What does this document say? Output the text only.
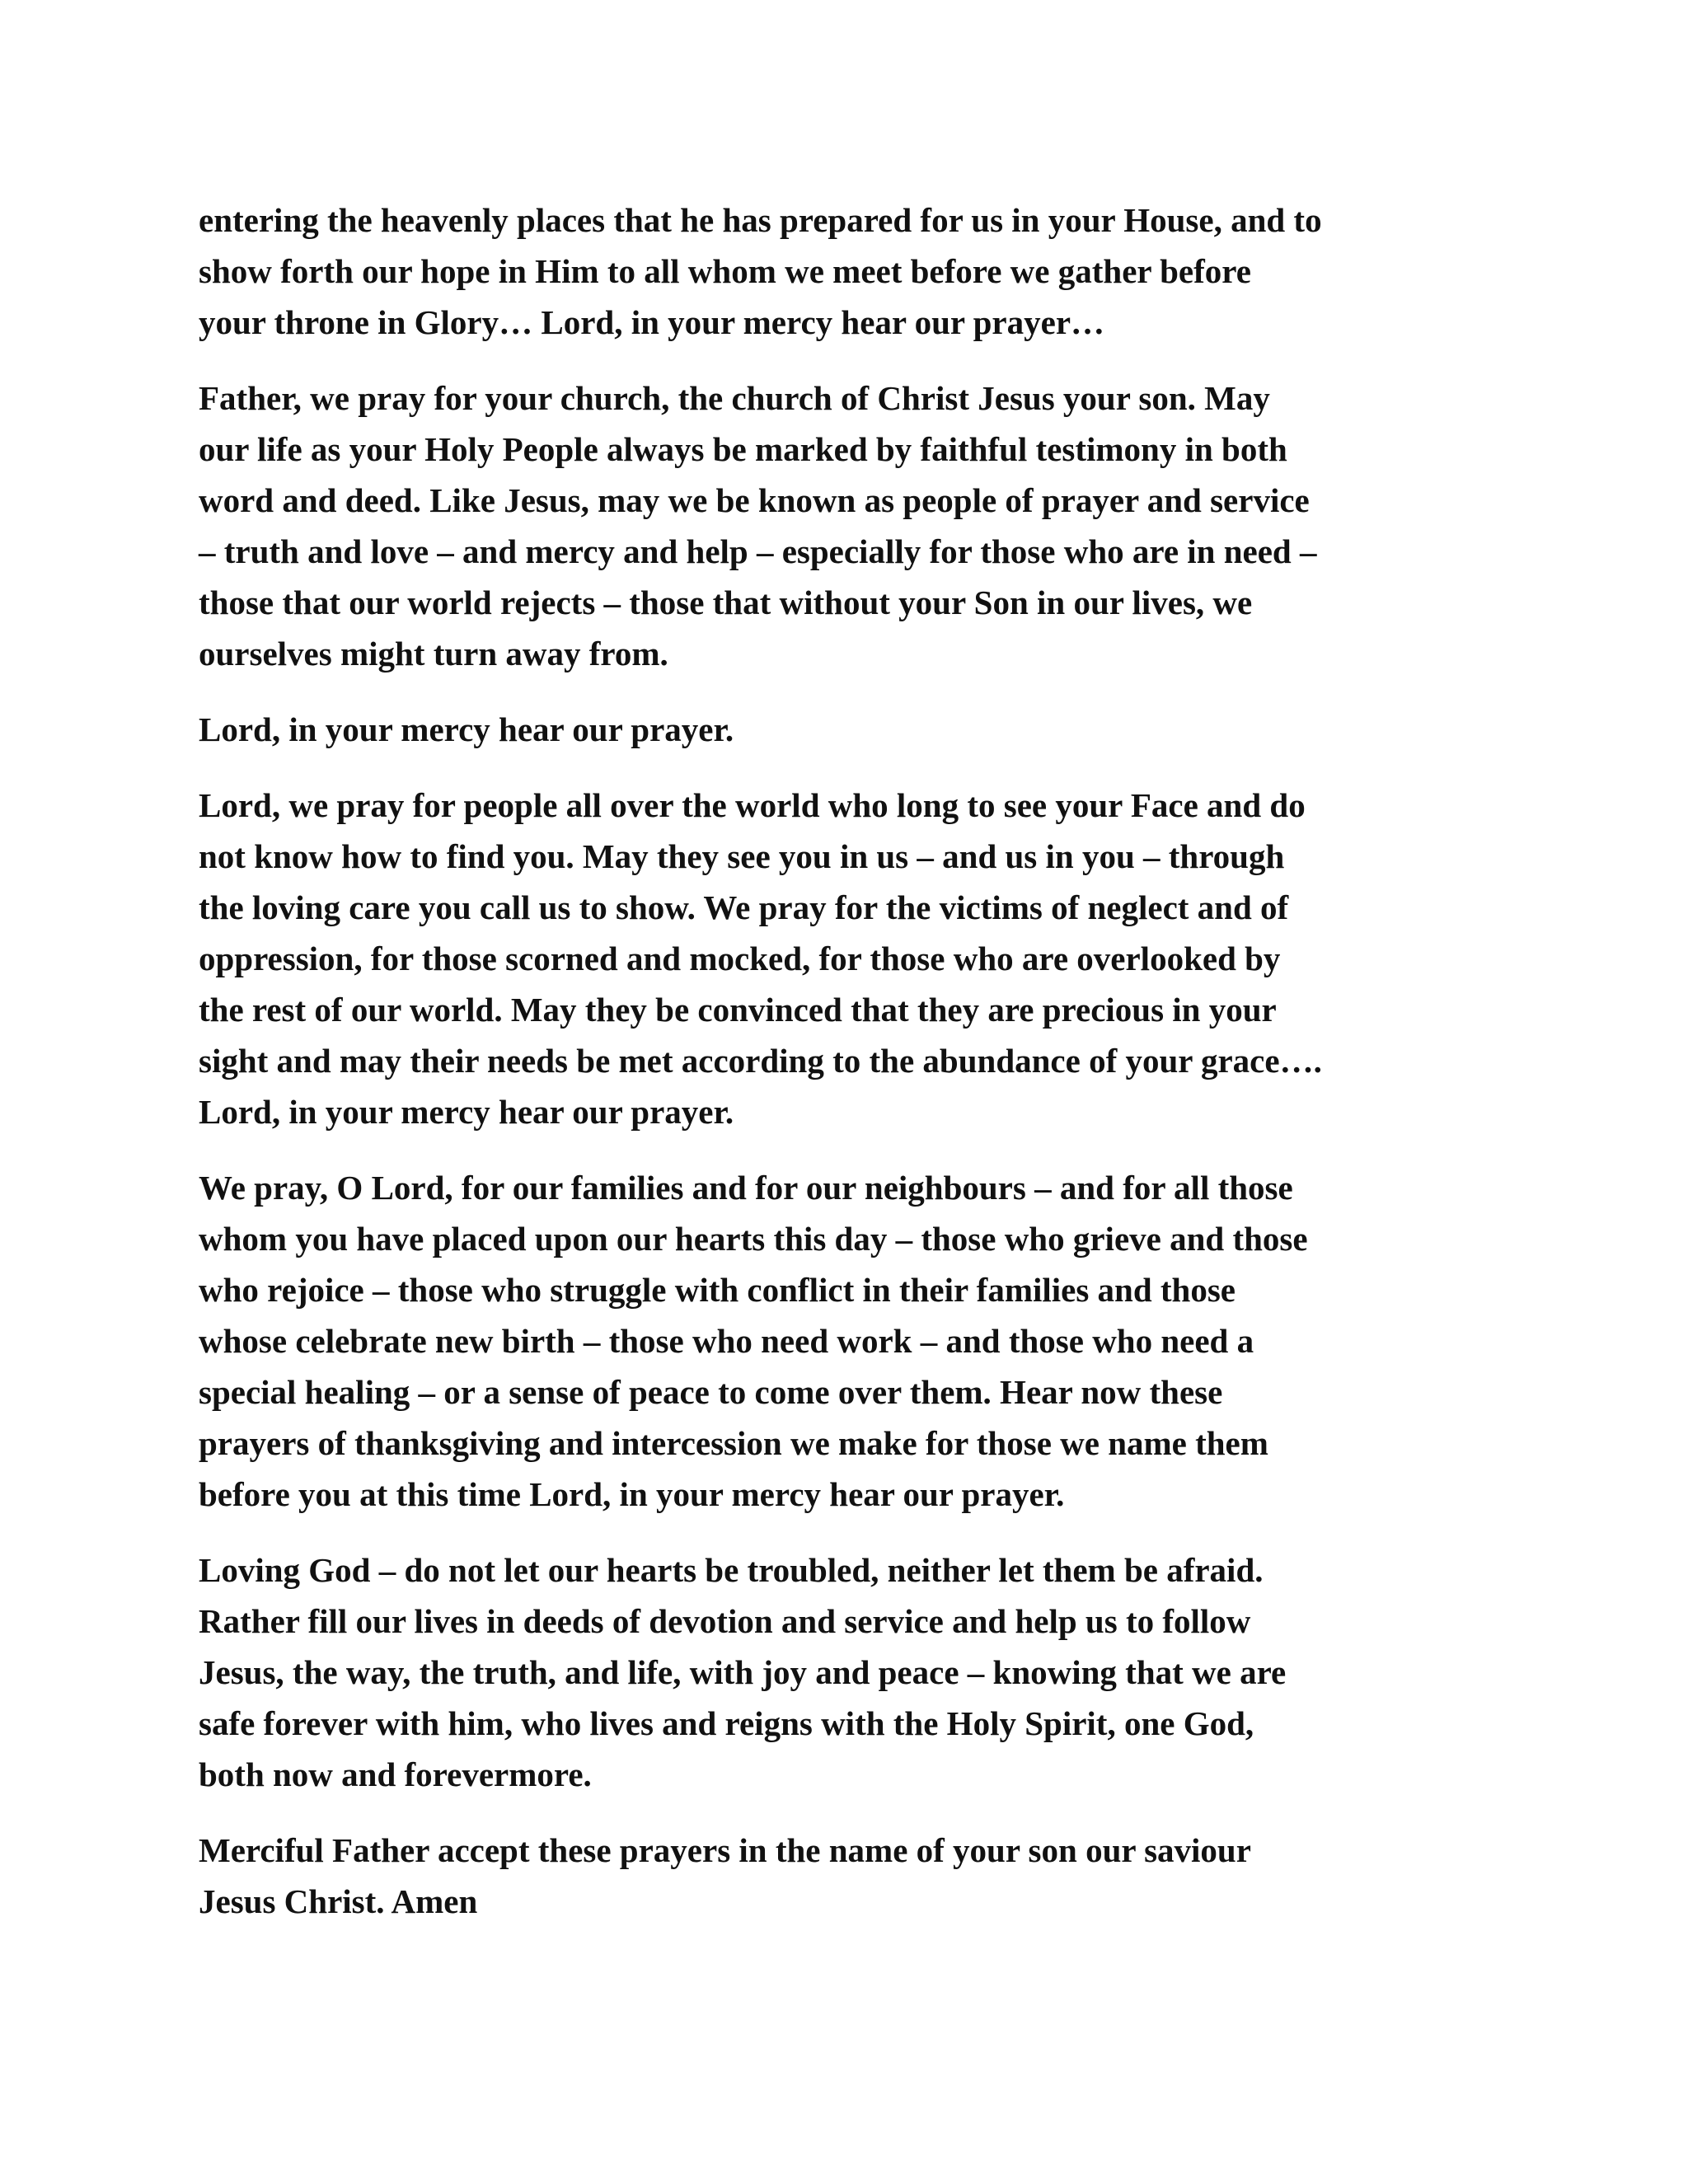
entering the heavenly places that he has prepared for us in your House, and to
show forth our hope in Him to all whom we meet before we gather before
your throne in Glory… Lord, in your mercy hear our prayer…

Father, we pray for your church, the church of Christ Jesus your son. May
our life as your Holy People always be marked by faithful testimony in both
word and deed. Like Jesus, may we be known as people of prayer and service
– truth and love – and mercy and help – especially for those who are in need –
those that our world rejects – those that without your Son in our lives, we
ourselves might turn away from.

Lord, in your mercy hear our prayer.

Lord, we pray for people all over the world who long to see your Face and do
not know how to find you. May they see you in us – and us in you – through
the loving care you call us to show. We pray for the victims of neglect and of
oppression, for those scorned and mocked, for those who are overlooked by
the rest of our world. May they be convinced that they are precious in your
sight and may their needs be met according to the abundance of your grace….
Lord, in your mercy hear our prayer.

We pray, O Lord, for our families and for our neighbours – and for all those
whom you have placed upon our hearts this day – those who grieve and those
who rejoice – those who struggle with conflict in their families and those
whose celebrate new birth – those who need work – and those who need a
special healing – or a sense of peace to come over them. Hear now these
prayers of thanksgiving and intercession we make for those we name them
before you at this time Lord, in your mercy hear our prayer.

Loving God – do not let our hearts be troubled, neither let them be afraid.
Rather fill our lives in deeds of devotion and service and help us to follow
Jesus, the way, the truth, and life, with joy and peace – knowing that we are
safe forever with him, who lives and reigns with the Holy Spirit, one God,
both now and forevermore.

Merciful Father accept these prayers in the name of your son our saviour
Jesus Christ. Amen
